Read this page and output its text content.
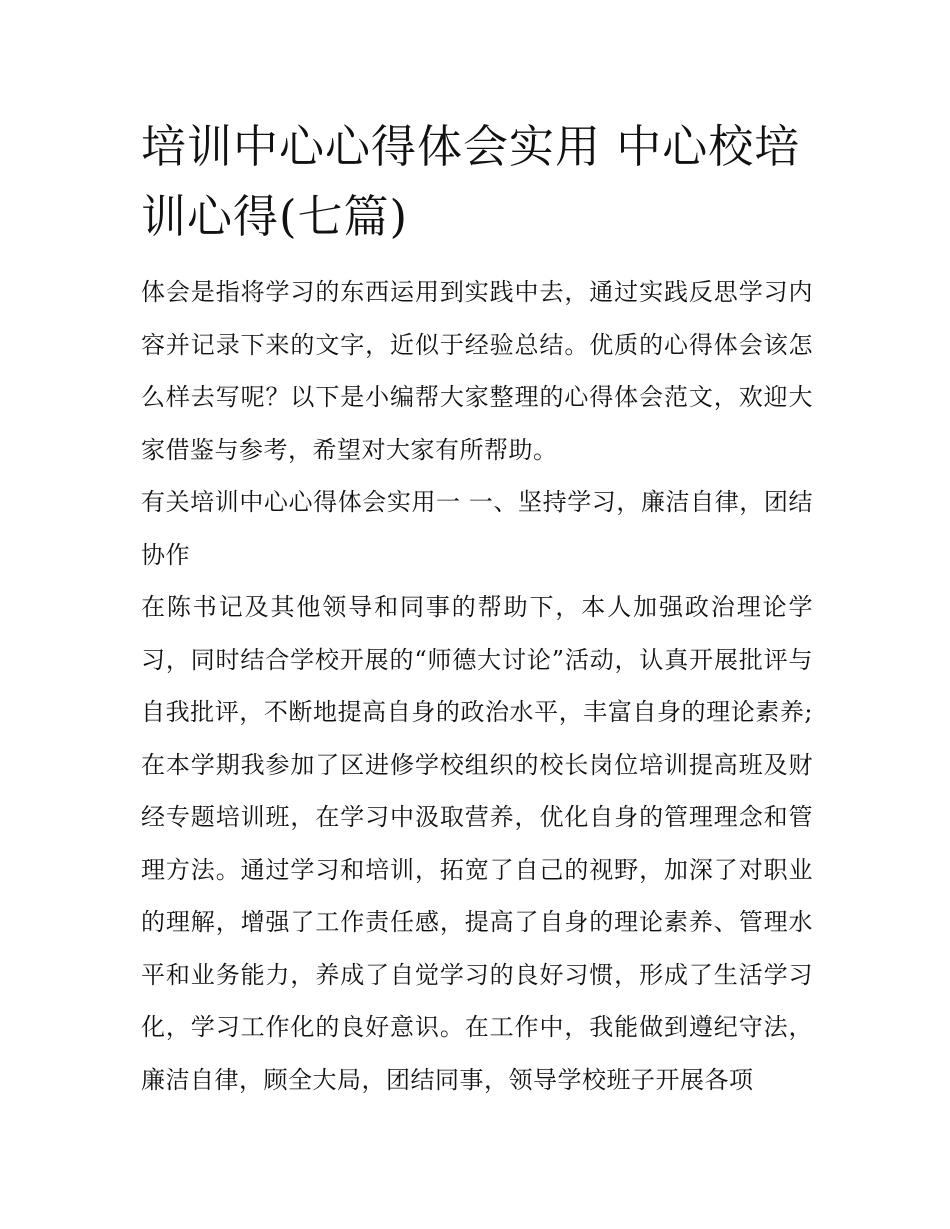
培训中心心得体会实用 中心校培训心得(七篇)

体会是指将学习的东西运用到实践中去，通过实践反思学习内容并记录下来的文字，近似于经验总结。优质的心得体会该怎么样去写呢？以下是小编帮大家整理的心得体会范文，欢迎大家借鉴与参考，希望对大家有所帮助。

有关培训中心心得体会实用一 一、坚持学习，廉洁自律，团结协作

在陈书记及其他领导和同事的帮助下，本人加强政治理论学习，同时结合学校开展的“师德大讨论”活动，认真开展批评与自我批评，不断地提高自身的政治水平，丰富自身的理论素养;在本学期我参加了区进修学校组织的校长岗位培训提高班及财经专题培训班，在学习中汲取营养，优化自身的管理理念和管理方法。通过学习和培训，拓宽了自己的视野，加深了对职业的理解，增强了工作责任感，提高了自身的理论素养、管理水平和业务能力，养成了自觉学习的良好习惯，形成了生活学习化，学习工作化的良好意识。在工作中，我能做到遵纪守法，廉洁自律，顾全大局，团结同事，领导学校班子开展各项
